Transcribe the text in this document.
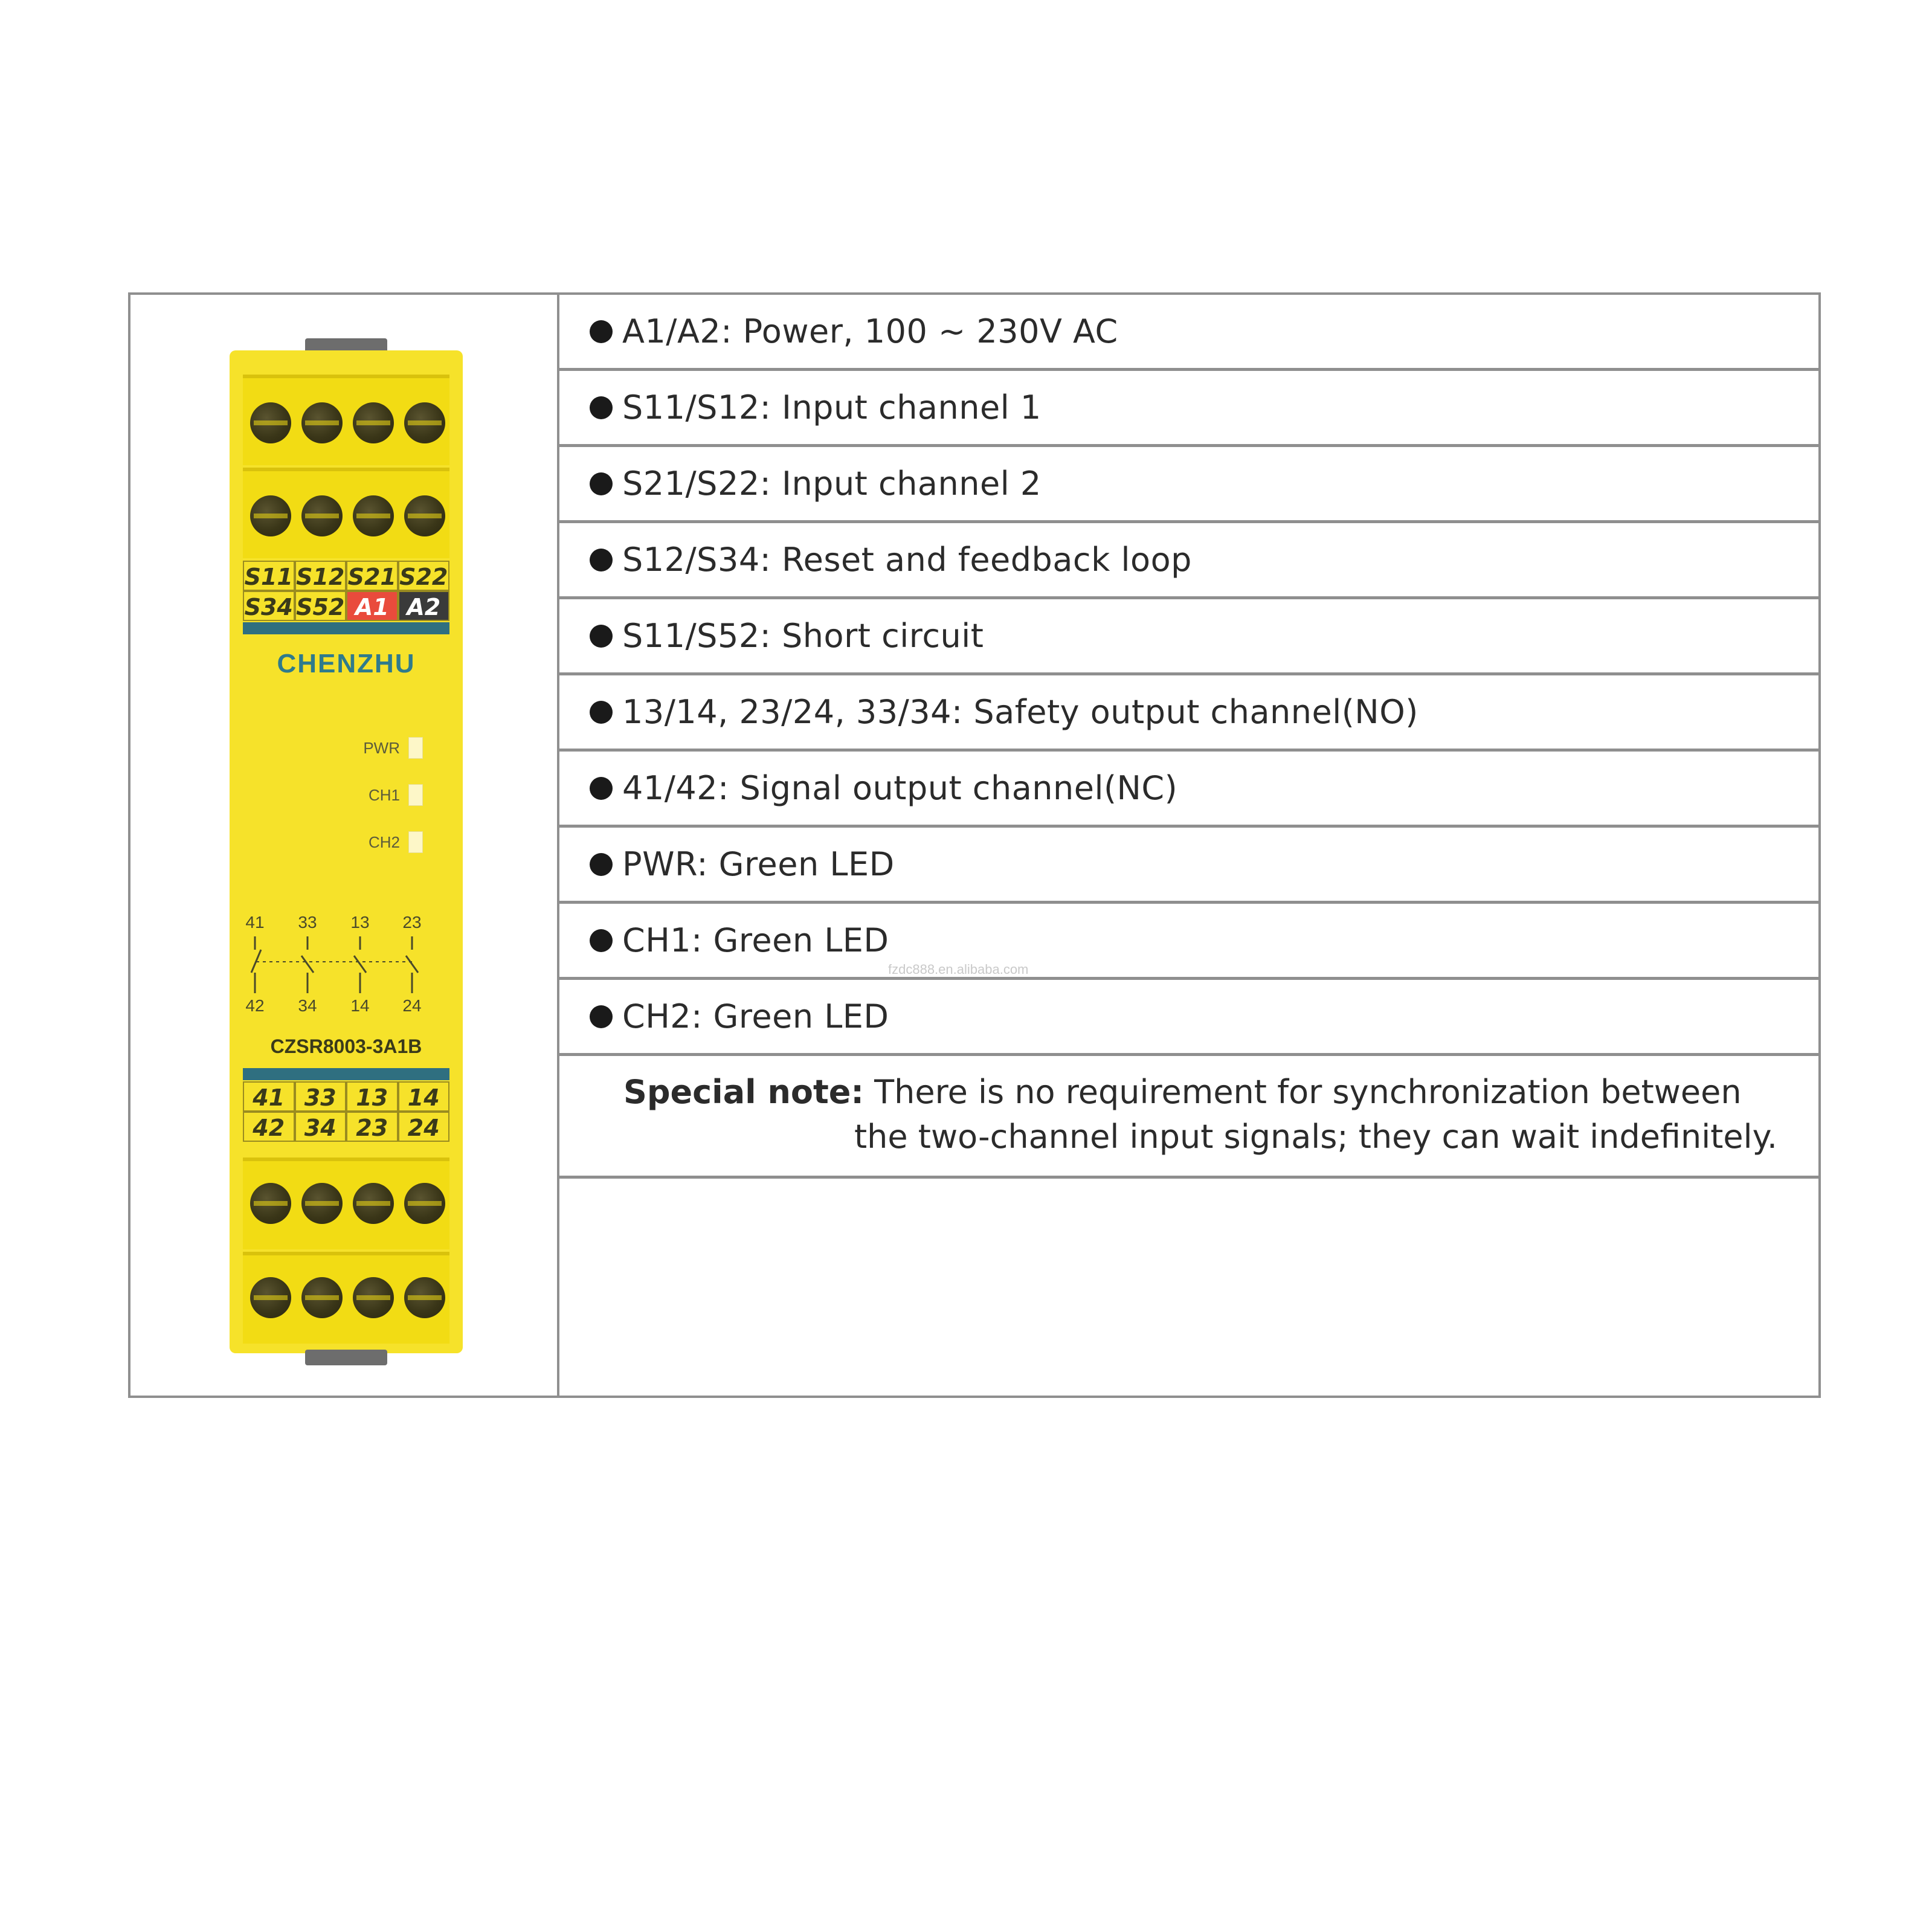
S11 S12 S21 S22
S34 S52 A1 A2
CHENZHU
PWR
CH1
CH2
41 33 13 23
42 34 14 24
CZSR8003-3A1B
41 33 13 14
42 34 23 24
A1/A2: Power, 100 ~ 230V AC
S11/S12: Input channel 1
S21/S22: Input channel 2
S12/S34: Reset and feedback loop
S11/S52: Short circuit
13/14, 23/24, 33/34: Safety output channel(NO)
41/42: Signal output channel(NC)
PWR: Green LED
CH1: Green LED
CH2: Green LED
Special note: There is no requirement for synchronization between
the two-channel input signals; they can wait indefinitely.
fzdc888.en.alibaba.com
